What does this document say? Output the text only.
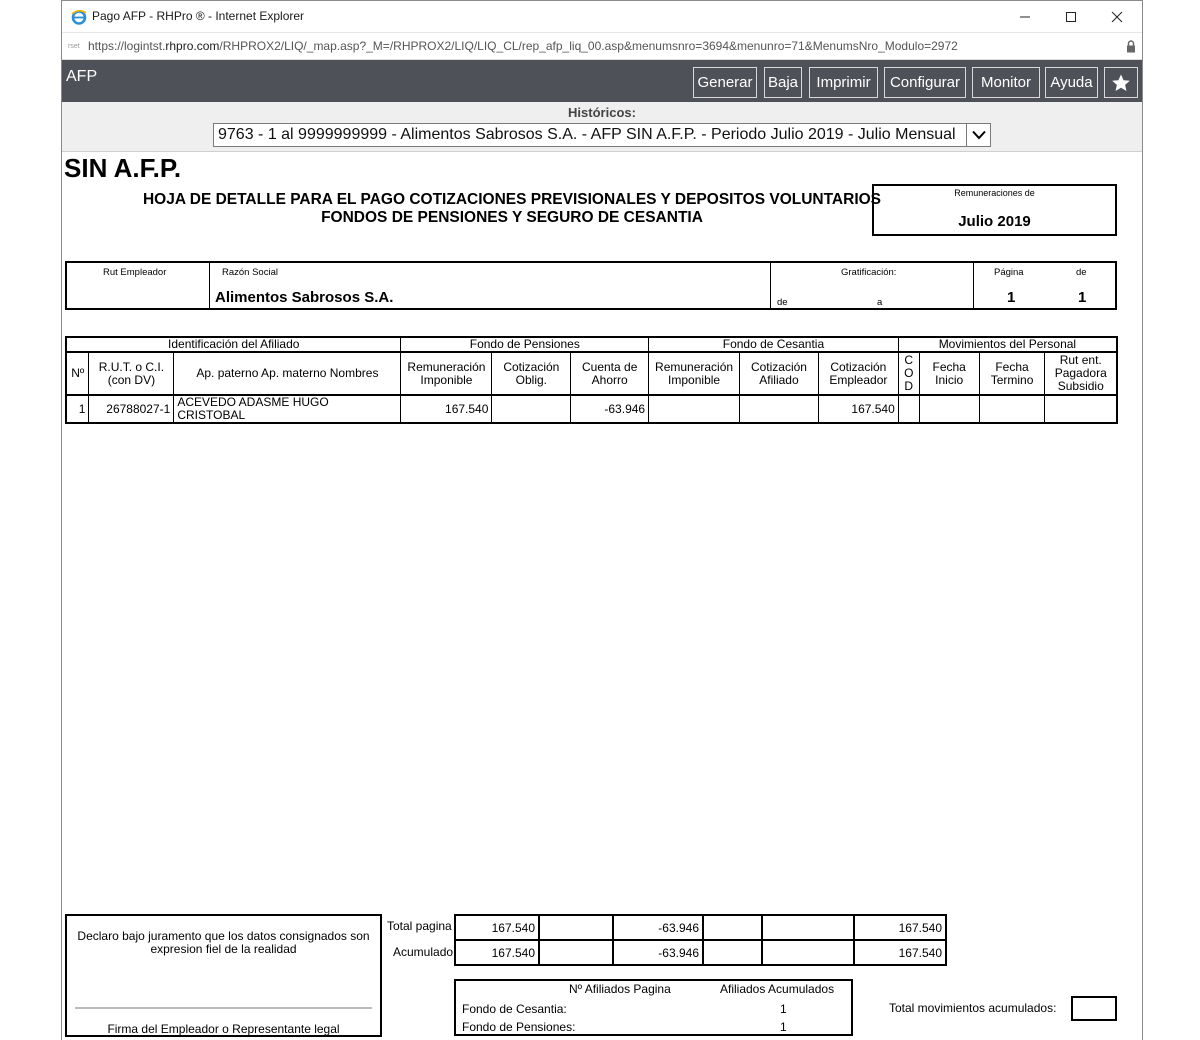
Pago AFP - RHPro ® - Internet Explorer
rset https://logintst.rhpro.com/RHPROX2/LIQ/_map.asp?_M=/RHPROX2/LIQ/LIQ_CL/rep_afp_liq_00.asp&menumsnro=3694&menunro=71&MenumsNro_Modulo=2972
AFP	Generar Baja Imprimir Configurar Monitor Ayuda
Históricos:
9763 - 1 al 9999999999 - Alimentos Sabrosos S.A. - AFP SIN A.F.P. - Periodo Julio 2019 - Julio Mensual
SIN A.F.P.
HOJA DE DETALLE PARA EL PAGO COTIZACIONES PREVISIONALES Y DEPOSITOS VOLUNTARIOS
FONDOS DE PENSIONES Y SEGURO DE CESANTIA
Remuneraciones de
Julio 2019
Rut Empleador	Razón Social
Alimentos Sabrosos S.A.
Gratificación:
de	a
Página	de
1	1
Identificación del Afiliado			Fondo de Pensiones			Fondo de Cesantia			Movimientos del Personal			
Nº	R.U.T. o C.I. (con DV)	Ap. paterno Ap. materno Nombres	Remuneración Imponible	Cotización Oblig.	Cuenta de Ahorro	Remuneración Imponible	Cotización Afiliado	Cotización Empleador	C
O
D	Fecha Inicio	Fecha Termino	Rut ent. Pagadora Subsidio
1	26788027-1	ACEVEDO ADASME HUGO CRISTOBAL	167.540		-63.946			167.540				
Declaro bajo juramento que los datos consignados son expresion fiel de la realidad
Firma del Empleador o Representante legal
Total pagina
Acumulado
167.540		-63.946			167.540
167.540		-63.946			167.540
Nº Afiliados Pagina	Afiliados Acumulados
Fondo de Cesantia:	1
Fondo de Pensiones:	1
Total movimientos acumulados:
